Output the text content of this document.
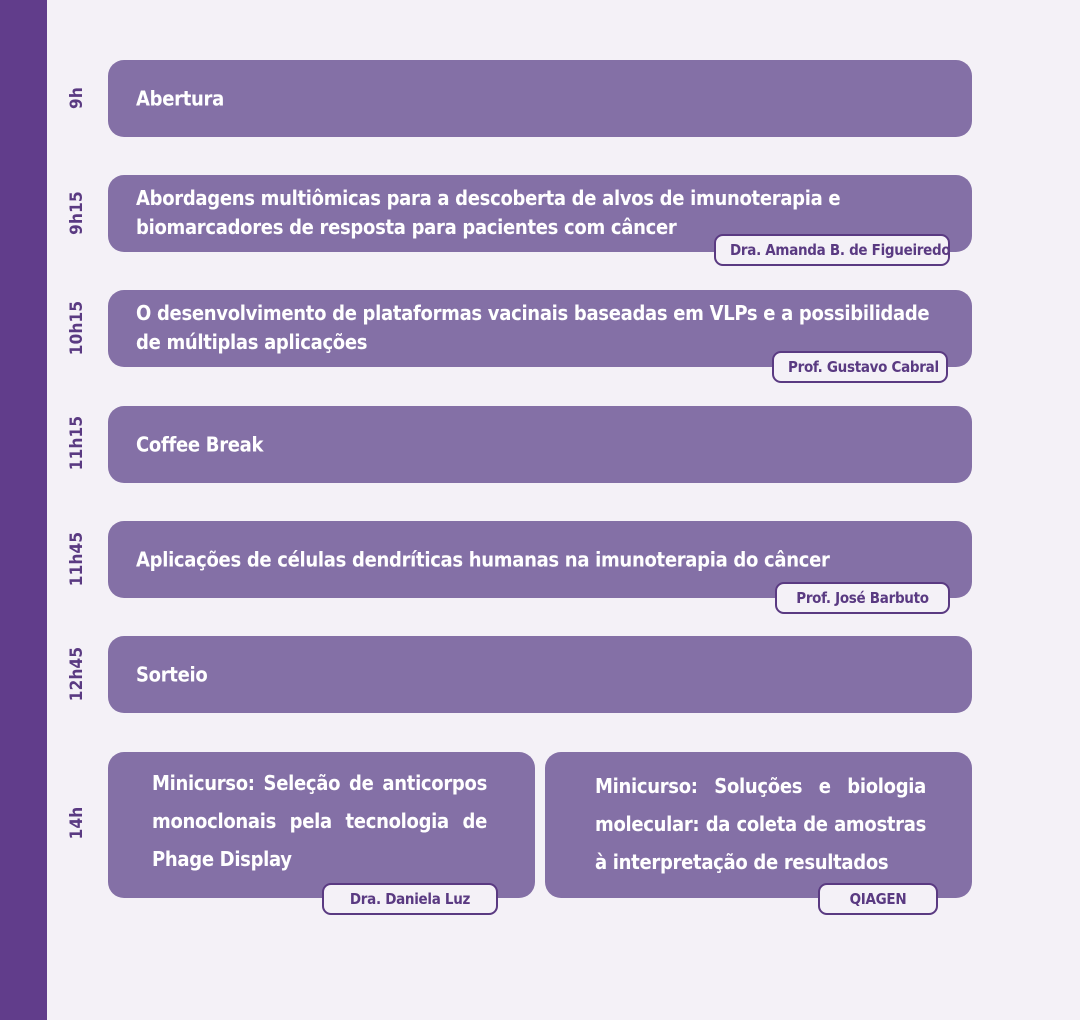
9h Abertura
9h15 Abordagens multiômicas para a descoberta de alvos de imunoterapia e biomarcadores de resposta para pacientes com câncer
Dra. Amanda B. de Figueiredo
10h15 O desenvolvimento de plataformas vacinais baseadas em VLPs e a possibilidade de múltiplas aplicações
Prof. Gustavo Cabral
11h15 Coffee Break
11h45 Aplicações de células dendríticas humanas na imunoterapia do câncer
Prof. José Barbuto
12h45 Sorteio
14h
Minicurso: Seleção de anticorpos monoclonais pela tecnologia de Phage Display
Dra. Daniela Luz
Minicurso: Soluções e biologia molecular: da coleta de amostras à interpretação de resultados
QIAGEN
